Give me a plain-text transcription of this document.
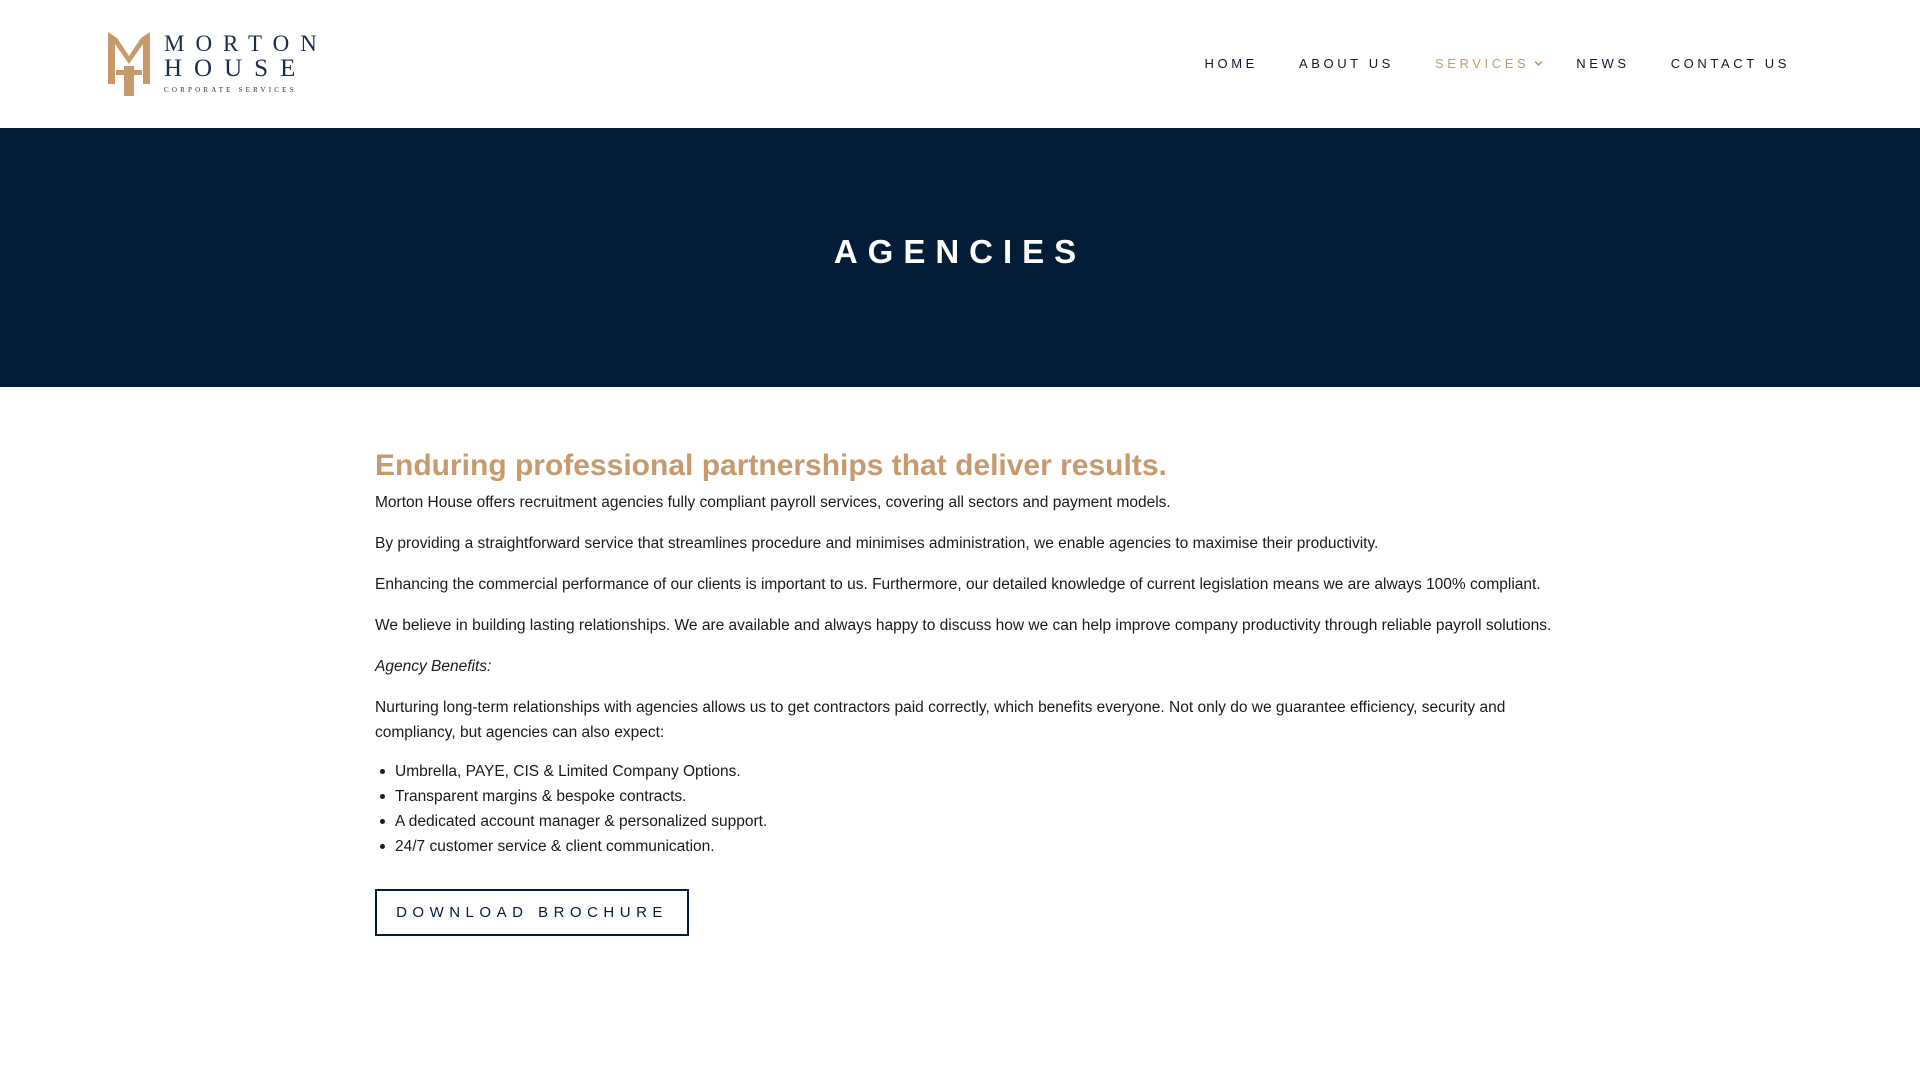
MORTON
HOUSE
CORPORATE SERVICES
HOME	ABOUT US	SERVICES	NEWS	CONTACT US
AGENCIES
Enduring professional partnerships that deliver results.

Morton House offers recruitment agencies fully compliant payroll services, covering all sectors and payment models.

By providing a straightforward service that streamlines procedure and minimises administration, we enable agencies to maximise their productivity.

Enhancing the commercial performance of our clients is important to us. Furthermore, our detailed knowledge of current legislation means we are always 100% compliant.

We believe in building lasting relationships. We are available and always happy to discuss how we can help improve company productivity through reliable payroll solutions.

Agency Benefits:

Nurturing long-term relationships with agencies allows us to get contractors paid correctly, which benefits everyone. Not only do we guarantee efficiency, security and compliancy, but agencies can also expect:

Umbrella, PAYE, CIS & Limited Company Options.
Transparent margins & bespoke contracts.
A dedicated account manager & personalized support.
24/7 customer service & client communication.
DOWNLOAD BROCHURE
